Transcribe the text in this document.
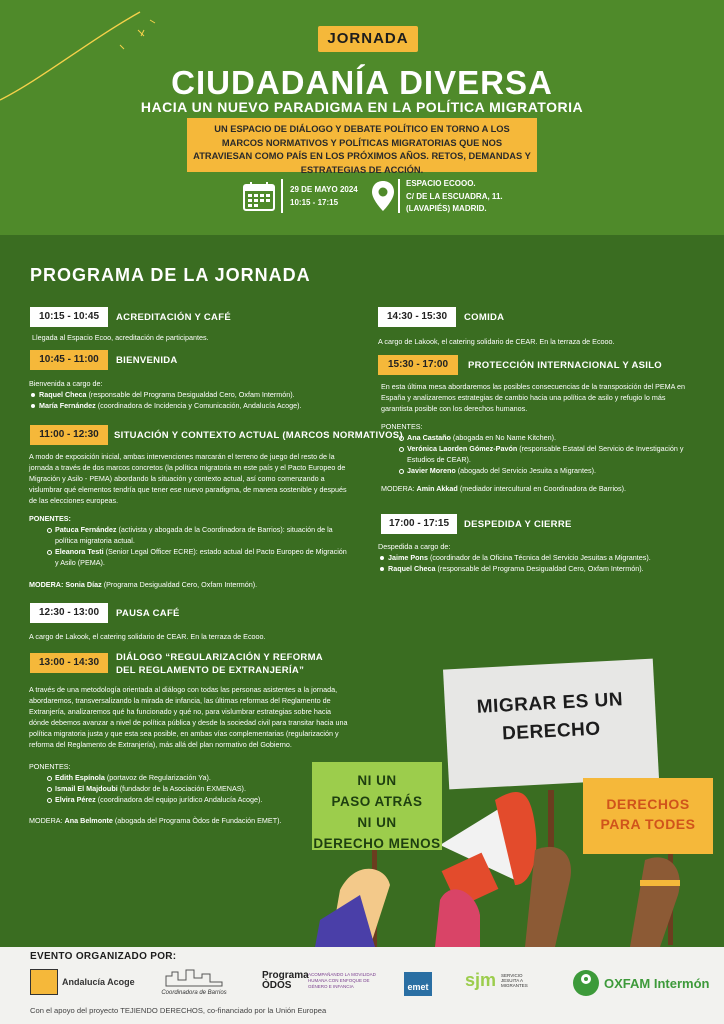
JORNADA
CIUDADANÍA DIVERSA
HACIA UN NUEVO PARADIGMA EN LA POLÍTICA MIGRATORIA
UN ESPACIO DE DIÁLOGO Y DEBATE POLÍTICO EN TORNO A LOS MARCOS NORMATIVOS Y POLÍTICAS MIGRATORIAS QUE NOS ATRAVIESAN COMO PAÍS EN LOS PRÓXIMOS AÑOS. RETOS, DEMANDAS Y ESTRATEGIAS DE ACCIÓN.
29 DE MAYO 2024
10:15 - 17:15
ESPACIO ECOOO.
C/ DE LA ESCUADRA, 11.
(LAVAPIÉS) MADRID.
PROGRAMA DE LA JORNADA
10:15 - 10:45	ACREDITACIÓN Y CAFÉ
Llegada al Espacio Ecoo, acreditación de participantes.
10:45 - 11:00	BIENVENIDA
Bienvenida a cargo de:
Raquel Checa (responsable del Programa Desigualdad Cero, Oxfam Intermón).
María Fernández (coordinadora de Incidencia y Comunicación, Andalucía Acoge).
11:00 - 12:30	SITUACIÓN Y CONTEXTO ACTUAL (MARCOS NORMATIVOS)
A modo de exposición inicial, ambas intervenciones marcarán el terreno de juego del resto de la jornada a través de dos marcos concretos (la política migratoria en este país y el Pacto Europeo de Migración y Asilo - PEMA) abordando la situación y contexto actual, así como comenzando a vislumbrar qué elementos tendría que tener ese nuevo paradigma, de manera sostenible y después de las elecciones europeas.
PONENTES:
Patuca Fernández (activista y abogada de la Coordinadora de Barrios): situación de la política migratoria actual.
Eleanora Testi (Senior Legal Officer ECRE): estado actual del Pacto Europeo de Migración y Asilo (PEMA).
MODERA: Sonia Díaz (Programa Desigualdad Cero, Oxfam Intermón).
12:30 - 13:00	PAUSA CAFÉ
A cargo de Lakook, el catering solidario de CEAR. En la terraza de Ecooo.
13:00 - 14:30	DIÁLOGO “REGULARIZACIÓN Y REFORMA
DEL REGLAMENTO DE EXTRANJERÍA”
A través de una metodología orientada al diálogo con todas las personas asistentes a la jornada, abordaremos, transversalizando la mirada de infancia, las últimas reformas del Reglamento de Extranjería, analizaremos qué ha funcionado y qué no, para vislumbrar estrategias sobre hacia dónde debemos avanzar a nivel de política pública y desde la sociedad civil para transitar hacia una política migratoria justa y que esta sea posible, en ambas vías complementarias (regularización y reforma del Reglamento de Extranjería), más allá del plan normativo del Gobierno.
PONENTES:
Edith Espínola (portavoz de Regularización Ya).
Ismail El Majdoubi (fundador de la Asociación EXMENAS).
Elvira Pérez (coordinadora del equipo jurídico Andalucía Acoge).
MODERA: Ana Belmonte (abogada del Programa Òdos de Fundación EMET).
14:30 - 15:30	COMIDA
A cargo de Lakook, el catering solidario de CEAR. En la terraza de Ecooo.
15:30 - 17:00	PROTECCIÓN INTERNACIONAL Y ASILO
En esta última mesa abordaremos las posibles consecuencias de la transposición del PEMA en España y analizaremos estrategias de cambio hacia una política de asilo y refugio lo más garantista posible con los derechos humanos.
PONENTES:
Ana Castaño (abogada en No Name Kitchen).
Verónica Laorden Gómez-Pavón (responsable Estatal del Servicio de Investigación y Estudios de CEAR).
Javier Moreno (abogado del Servicio Jesuita a Migrantes).
MODERA: Amin Akkad (mediador intercultural en Coordinadora de Barrios).
17:00 - 17:15	DESPEDIDA Y CIERRE
Despedida a cargo de:
Jaime Pons (coordinador de la Oficina Técnica del Servicio Jesuitas a Migrantes).
Raquel Checa (responsable del Programa Desigualdad Cero, Oxfam Intermón).
MIGRAR ES UN
DERECHO
NI UN
PASO ATRÁS
NI UN
DERECHO MENOS
DERECHOS
PARA TODES
EVENTO ORGANIZADO POR:
Andalucía Acoge
Coordinadora de Barrios
Programa ÒDOS
ACOMPAÑANDO LA MOVILIDAD HUMANA CON ENFOQUE DE GÉNERO E INFANCIA	emet sjm SERVICIO JESUITA A MIGRANTES	OXFAM Intermón
Con el apoyo del proyecto TEJIENDO DERECHOS, co-financiado por la Unión Europea
